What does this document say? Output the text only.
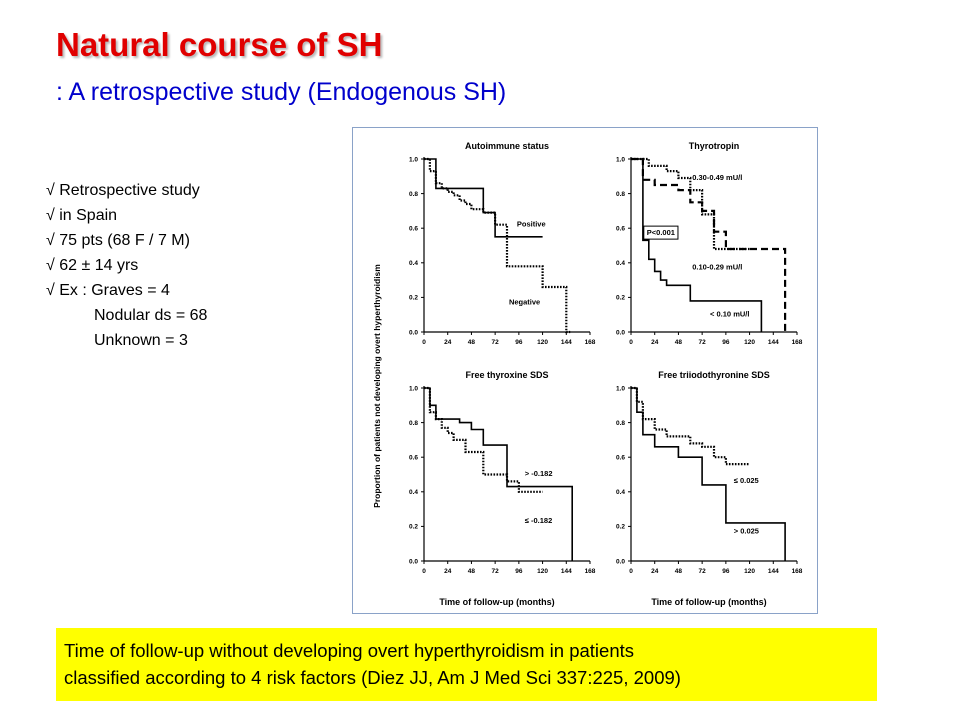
Natural course of SH
: A retrospective study (Endogenous SH)
√ Retrospective study
√ in Spain
√ 75 pts (68 F / 7 M)
√ 62 ± 14 yrs
√ Ex : Graves = 4
Nodular ds = 68
Unknown = 3	Proportion of patients not developing overt hyperthyroidism
Time of follow-up (months)	Time of follow-up (months)
Autoimmune status
0.0
0.2
0.4
0.6
0.8
1.0
0	24	48	72	96 120 144 168
Positive
Negative
Thyrotropin
0.0
0.2
0.4
0.6
0.8
1.0
0	24	48	72	96 120 144 168
0.30-0.49 mU/l
P<0.001
0.10-0.29 mU/l
< 0.10 mU/l
Free thyroxine SDS
0.0
0.2
0.4
0.6
0.8
1.0
0	24	48	72	96 120 144 168
> -0.182
≤ -0.182
Free triiodothyronine SDS
0.0
0.2
0.4
0.6
0.8
1.0
0	24	48	72	96 120 144 168
≤ 0.025
> 0.025
Time of follow-up without developing overt hyperthyroidism in patients
classified according to 4 risk factors (Diez JJ, Am J Med Sci 337:225, 2009)
